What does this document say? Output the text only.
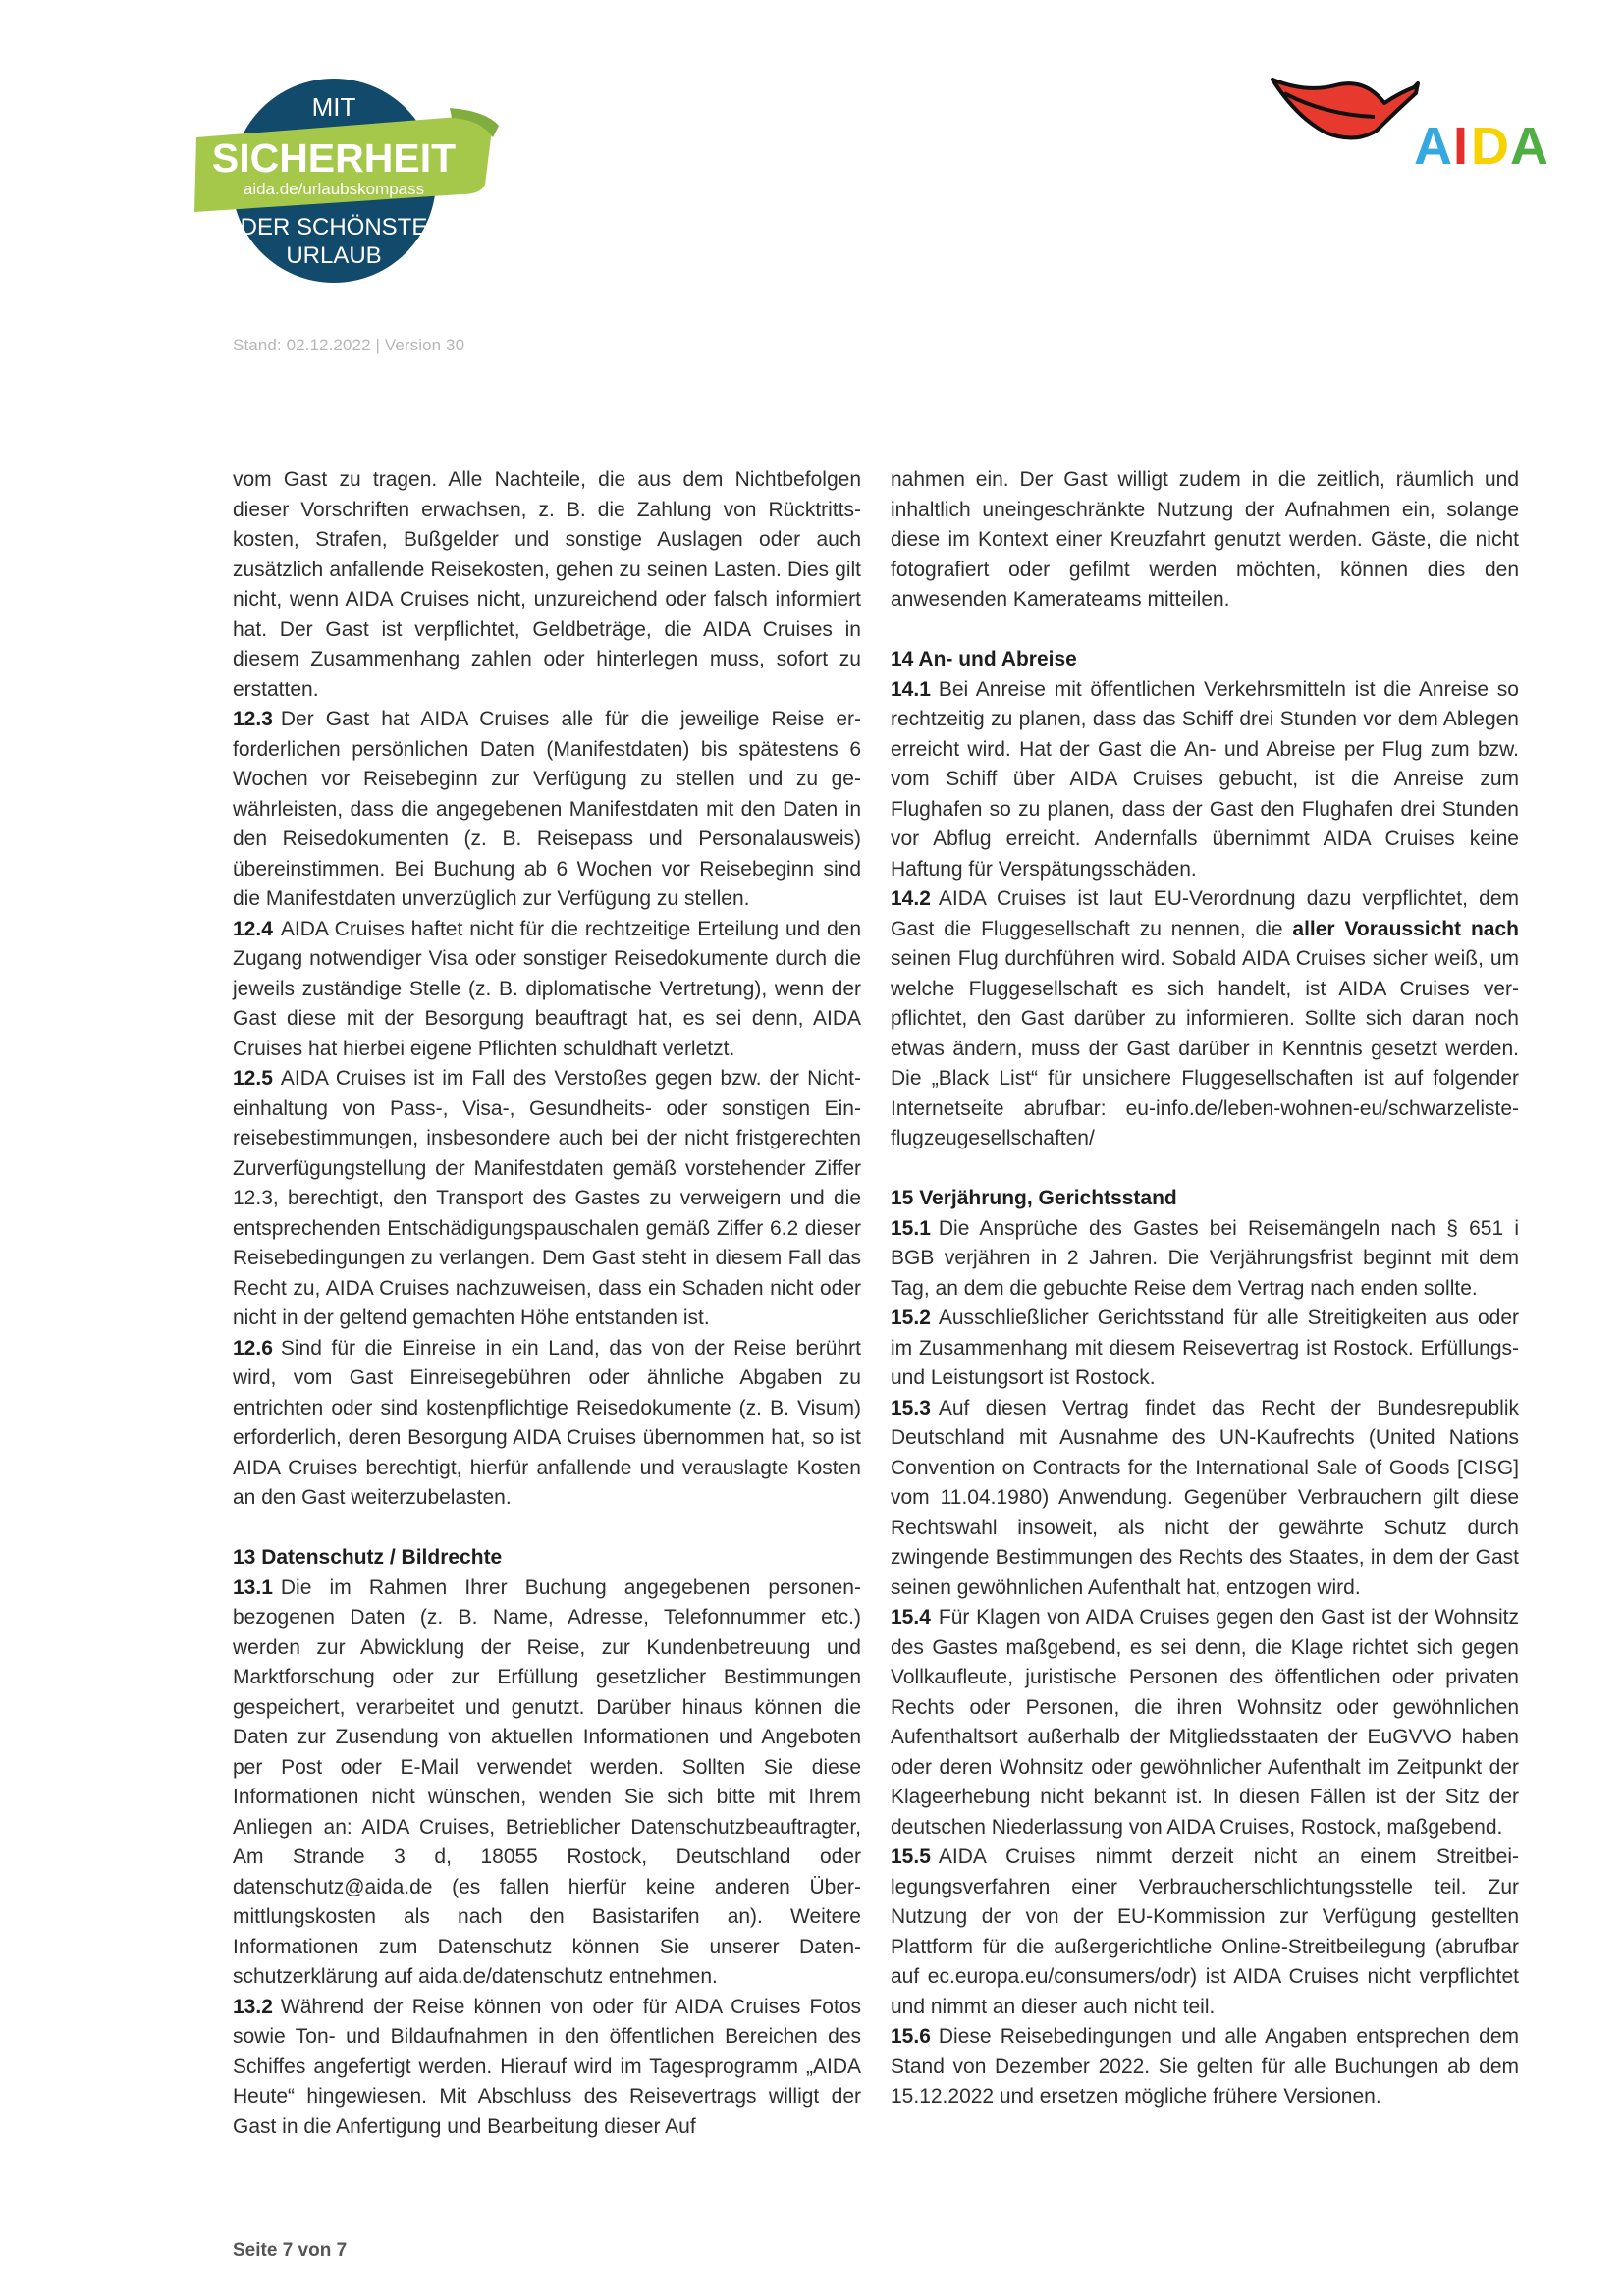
MIT
SICHERHEIT
aida.de/urlaubskompass
DER SCHÖNSTE
URLAUB
A I D A
Stand: 02.12.2022 | Version 30

vom Gast zu tragen. Alle Nachteile, die aus dem Nichtbefolgen dieser Vorschriften erwachsen, z. B. die Zahlung von Rücktrittskosten, Strafen, Bußgelder und sonstige Auslagen oder auch zusätzlich anfallende Reisekosten, gehen zu seinen Lasten. Dies gilt nicht, wenn AIDA Cruises nicht, unzureichend oder falsch informiert hat. Der Gast ist verpflichtet, Geldbeträge, die AIDA Cruises in diesem Zusammenhang zahlen oder hinterlegen muss, sofort zu erstatten.

12.3 Der Gast hat AIDA Cruises alle für die jeweilige Reise erforderlichen persönlichen Daten (Manifestdaten) bis spätestens 6 Wochen vor Reisebeginn zur Verfügung zu stellen und zu gewährleisten, dass die angegebenen Manifestdaten mit den Daten in den Reisedokumenten (z. B. Reisepass und Personalausweis) übereinstimmen. Bei Buchung ab 6 Wochen vor Reisebeginn sind die Manifestdaten unverzüglich zur Verfügung zu stellen.

12.4 AIDA Cruises haftet nicht für die rechtzeitige Erteilung und den Zugang notwendiger Visa oder sonstiger Reisedokumente durch die jeweils zuständige Stelle (z. B. diplomatische Vertretung), wenn der Gast diese mit der Besorgung beauftragt hat, es sei denn, AIDA Cruises hat hierbei eigene Pflichten schuldhaft verletzt.

12.5 AIDA Cruises ist im Fall des Verstoßes gegen bzw. der Nichteinhaltung von Pass-, Visa-, Gesundheits- oder sonstigen Einreisebestimmungen, insbesondere auch bei der nicht fristgerechten Zurverfügungstellung der Manifestdaten gemäß vorstehender Ziffer 12.3, berechtigt, den Transport des Gastes zu verweigern und die entsprechenden Entschädigungspauschalen gemäß Ziffer 6.2 dieser Reisebedingungen zu verlangen. Dem Gast steht in diesem Fall das Recht zu, AIDA Cruises nachzuweisen, dass ein Schaden nicht oder nicht in der geltend gemachten Höhe entstanden ist.

12.6 Sind für die Einreise in ein Land, das von der Reise berührt wird, vom Gast Einreisegebühren oder ähnliche Abgaben zu entrichten oder sind kostenpflichtige Reisedokumente (z. B. Visum) erforderlich, deren Besorgung AIDA Cruises übernommen hat, so ist AIDA Cruises berechtigt, hierfür anfallende und verauslagte Kosten an den Gast weiterzubelasten.

13 Datenschutz / Bildrechte

13.1 Die im Rahmen Ihrer Buchung angegebenen personenbezogenen Daten (z. B. Name, Adresse, Telefonnummer etc.) werden zur Abwicklung der Reise, zur Kundenbetreuung und Marktforschung oder zur Erfüllung gesetzlicher Bestimmungen gespeichert, verarbeitet und genutzt. Darüber hinaus können die Daten zur Zusendung von aktuellen Informationen und Angeboten per Post oder E-Mail verwendet werden. Sollten Sie diese Informationen nicht wünschen, wenden Sie sich bitte mit Ihrem Anliegen an: AIDA Cruises, Betrieblicher Datenschutzbeauftragter, Am Strande 3 d, 18055 Rostock, Deutschland oder datenschutz@aida.de (es fallen hierfür keine anderen Übermittlungskosten als nach den Basistarifen an). Weitere Informationen zum Datenschutz können Sie unserer Datenschutzerklärung auf aida.de/datenschutz entnehmen.

13.2 Während der Reise können von oder für AIDA Cruises Fotos sowie Ton- und Bildaufnahmen in den öffentlichen Bereichen des Schiffes angefertigt werden. Hierauf wird im Tagesprogramm „AIDA Heute“ hingewiesen. Mit Abschluss des Reisevertrags willigt der Gast in die Anfertigung und Bearbeitung dieser Auf

nahmen ein. Der Gast willigt zudem in die zeitlich, räumlich und inhaltlich uneingeschränkte Nutzung der Aufnahmen ein, solange diese im Kontext einer Kreuzfahrt genutzt werden. Gäste, die nicht fotografiert oder gefilmt werden möchten, können dies den anwesenden Kamerateams mitteilen.

14 An- und Abreise

14.1 Bei Anreise mit öffentlichen Verkehrsmitteln ist die Anreise so rechtzeitig zu planen, dass das Schiff drei Stunden vor dem Ablegen erreicht wird. Hat der Gast die An- und Abreise per Flug zum bzw. vom Schiff über AIDA Cruises gebucht, ist die Anreise zum Flughafen so zu planen, dass der Gast den Flughafen drei Stunden vor Abflug erreicht. Andernfalls übernimmt AIDA Cruises keine Haftung für Verspätungsschäden.

14.2 AIDA Cruises ist laut EU-Verordnung dazu verpflichtet, dem Gast die Fluggesellschaft zu nennen, die aller Voraussicht nach seinen Flug durchführen wird. Sobald AIDA Cruises sicher weiß, um welche Fluggesellschaft es sich handelt, ist AIDA Cruises verpflichtet, den Gast darüber zu informieren. Sollte sich daran noch etwas ändern, muss der Gast darüber in Kenntnis gesetzt werden. Die „Black List“ für unsichere Fluggesellschaften ist auf folgender Internetseite abrufbar: eu-info.de/leben-wohnen-eu/schwarzeliste-flugzeugesellschaften/

15 Verjährung, Gerichtsstand

15.1 Die Ansprüche des Gastes bei Reisemängeln nach § 651 i BGB verjähren in 2 Jahren. Die Verjährungsfrist beginnt mit dem Tag, an dem die gebuchte Reise dem Vertrag nach enden sollte.

15.2 Ausschließlicher Gerichtsstand für alle Streitigkeiten aus oder im Zusammenhang mit diesem Reisevertrag ist Rostock. Erfüllungs- und Leistungsort ist Rostock.

15.3 Auf diesen Vertrag findet das Recht der Bundesrepublik Deutschland mit Ausnahme des UN-Kaufrechts (United Nations Convention on Contracts for the International Sale of Goods [CISG] vom 11.04.1980) Anwendung. Gegenüber Verbrauchern gilt diese Rechtswahl insoweit, als nicht der gewährte Schutz durch zwingende Bestimmungen des Rechts des Staates, in dem der Gast seinen gewöhnlichen Aufenthalt hat, entzogen wird.

15.4 Für Klagen von AIDA Cruises gegen den Gast ist der Wohnsitz des Gastes maßgebend, es sei denn, die Klage richtet sich gegen Vollkaufleute, juristische Personen des öffentlichen oder privaten Rechts oder Personen, die ihren Wohnsitz oder gewöhnlichen Aufenthaltsort außerhalb der Mitgliedsstaaten der EuGVVO haben oder deren Wohnsitz oder gewöhnlicher Aufenthalt im Zeitpunkt der Klageerhebung nicht bekannt ist. In diesen Fällen ist der Sitz der deutschen Niederlassung von AIDA Cruises, Rostock, maßgebend.

15.5 AIDA Cruises nimmt derzeit nicht an einem Streitbeilegungsverfahren einer Verbraucherschlichtungsstelle teil. Zur Nutzung der von der EU-Kommission zur Verfügung gestellten Plattform für die außergerichtliche Online-Streitbeilegung (abrufbar auf ec.europa.eu/consumers/odr) ist AIDA Cruises nicht verpflichtet und nimmt an dieser auch nicht teil.

15.6 Diese Reisebedingungen und alle Angaben entsprechen dem Stand von Dezember 2022. Sie gelten für alle Buchungen ab dem 15.12.2022 und ersetzen mögliche frühere Versionen.

Seite 7 von 7
